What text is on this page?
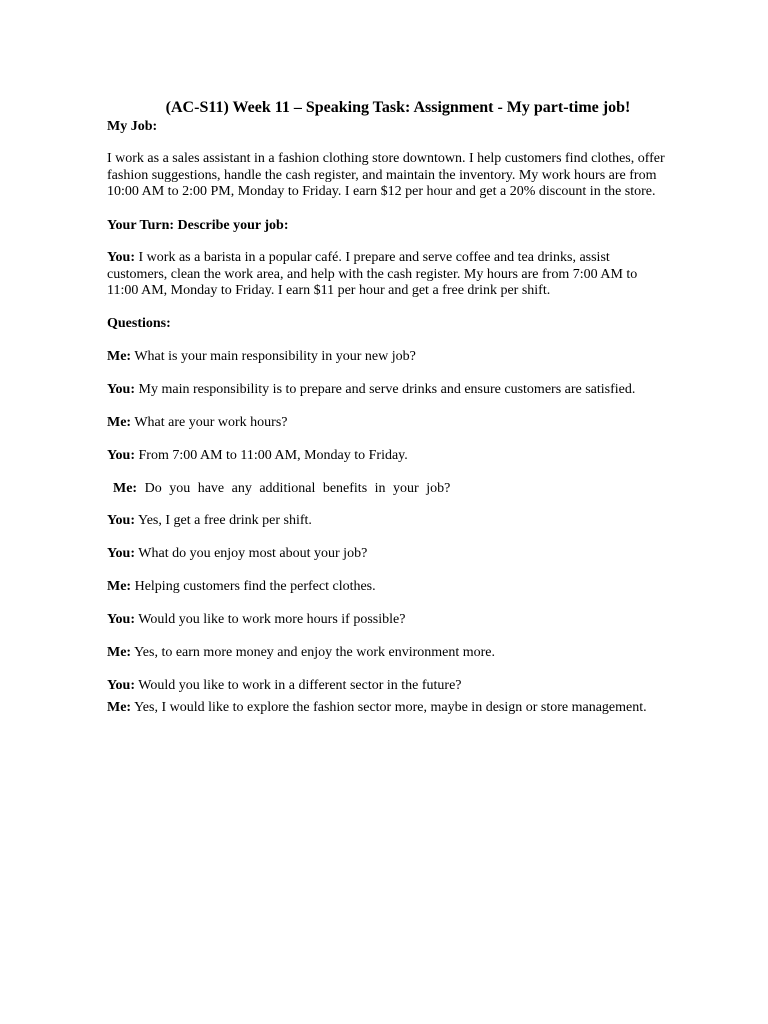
(AC-S11) Week 11 – Speaking Task: Assignment - My part-time job!
My Job:
I work as a sales assistant in a fashion clothing store downtown. I help customers find clothes, offer fashion suggestions, handle the cash register, and maintain the inventory. My work hours are from 10:00 AM to 2:00 PM, Monday to Friday. I earn $12 per hour and get a 20% discount in the store.
Your Turn: Describe your job:
You: I work as a barista in a popular café. I prepare and serve coffee and tea drinks, assist customers, clean the work area, and help with the cash register. My hours are from 7:00 AM to 11:00 AM, Monday to Friday. I earn $11 per hour and get a free drink per shift.
Questions:
Me: What is your main responsibility in your new job?
You: My main responsibility is to prepare and serve drinks and ensure customers are satisfied.
Me: What are your work hours?
You: From 7:00 AM to 11:00 AM, Monday to Friday.
Me: Do you have any additional benefits in your job?
You: Yes, I get a free drink per shift.
You: What do you enjoy most about your job?
Me: Helping customers find the perfect clothes.
You: Would you like to work more hours if possible?
Me: Yes, to earn more money and enjoy the work environment more.
You: Would you like to work in a different sector in the future?
Me: Yes, I would like to explore the fashion sector more, maybe in design or store management.
